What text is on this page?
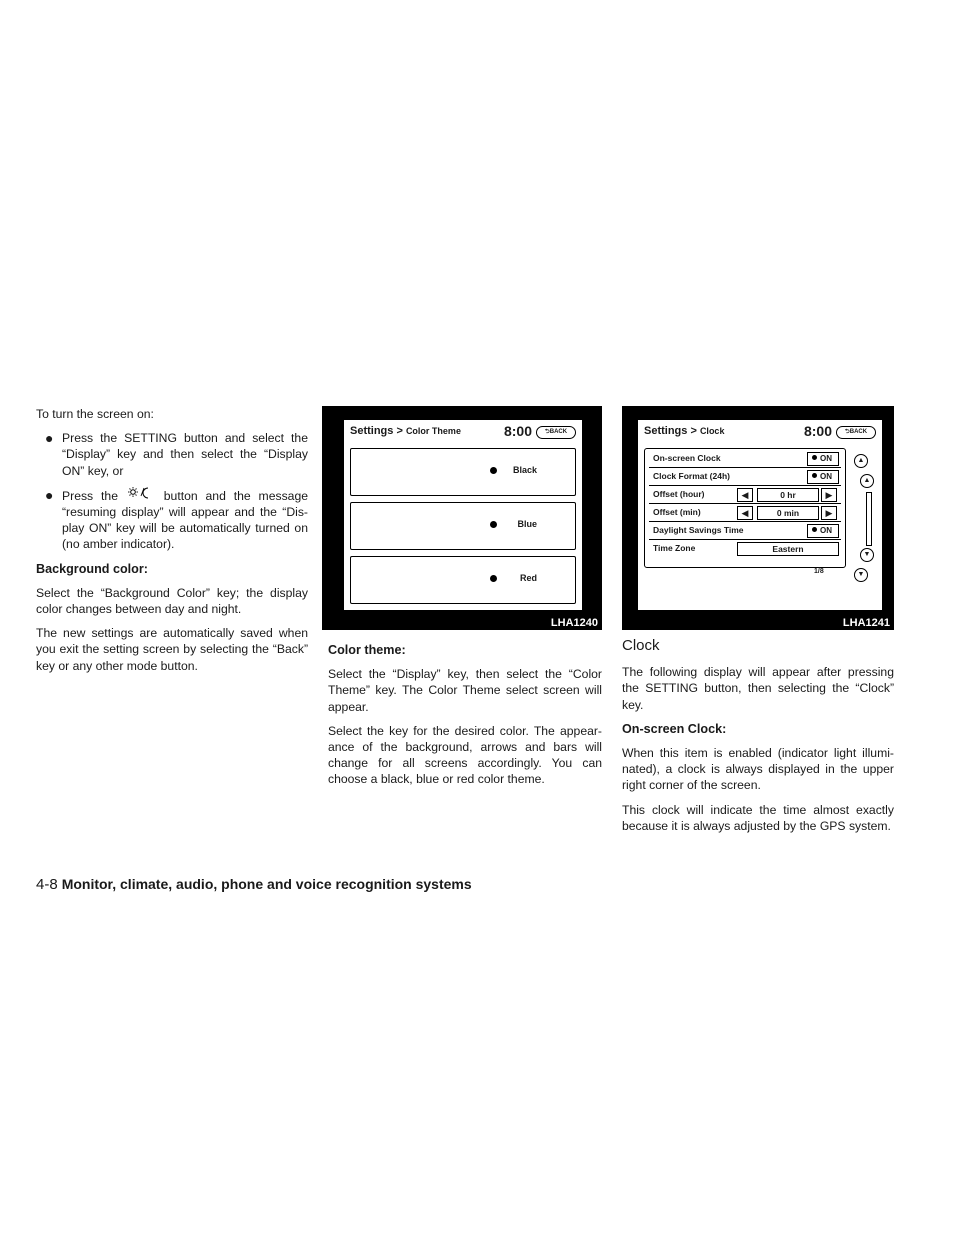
To turn the screen on:

● Press the SETTING button and select the “Display” key and then select the “Display ON” key, or
● Press the	button and the message “resuming display” will appear and the “Dis-play ON” key will be automatically turned on (no amber indicator).
Background color:

Select the “Background Color” key; the display color changes between day and night.

The new settings are automatically saved when you exit the setting screen by selecting the “Back” key or any other mode button.

Settings > Color Theme	8:00	⮌BACK
Black
Blue
Red
LHA1240
Color theme:

Select the “Display” key, then select the “Color Theme” key. The Color Theme select screen will appear.

Select the key for the desired color. The appear-ance of the background, arrows and bars will change for all screens accordingly. You can choose a black, blue or red color theme.

Settings > Clock	8:00	⮌BACK
On-screen Clock	ON
Clock Format (24h)	ON
Offset (hour)	◀	0 hr	▶
Offset (min)	◀	0 min	▶
Daylight Savings Time	ON
Time Zone	Eastern
1/8
▲
▲
▼
▼
LHA1241
Clock

The following display will appear after pressing the SETTING button, then selecting the “Clock” key.

On-screen Clock:

When this item is enabled (indicator light illumi-nated), a clock is always displayed in the upper right corner of the screen.

This clock will indicate the time almost exactly because it is always adjusted by the GPS system.

4-8 Monitor, climate, audio, phone and voice recognition systems
